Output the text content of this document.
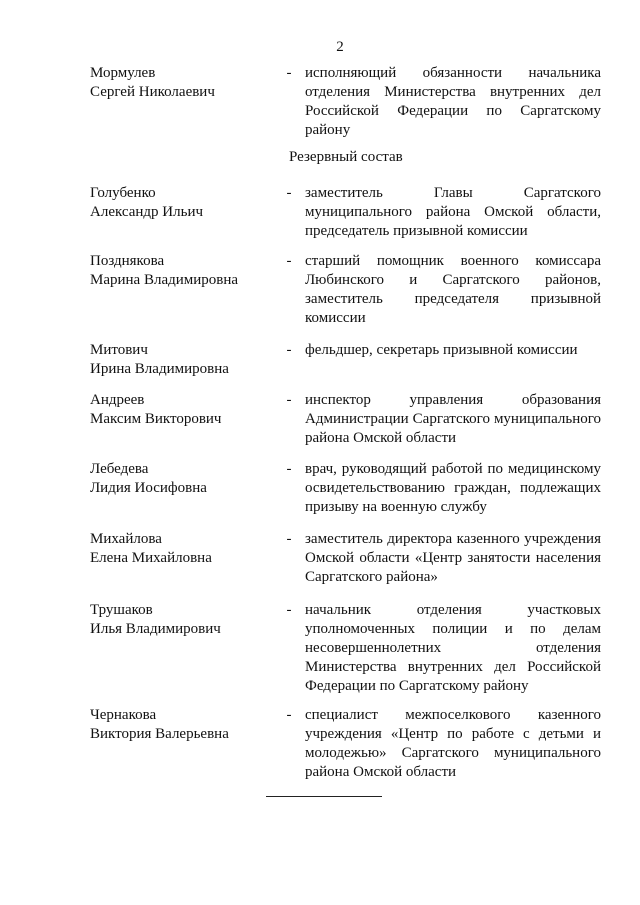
2
Мормулев
Сергей Николаевич
- исполняющий обязанности начальника отделения Министерства внутренних дел Российской Федерации по Саргатскому району
Резервный состав
Голубенко
Александр Ильич
- заместитель Главы Саргатского муниципального района Омской области, председатель призывной комиссии
Позднякова
Марина Владимировна
- старший помощник военного комиссара Любинского и Саргатского районов, заместитель председателя призывной комиссии
Митович
Ирина Владимировна
- фельдшер, секретарь призывной комиссии
Андреев
Максим Викторович
- инспектор управления образования Администрации Саргатского муниципального района Омской области
Лебедева
Лидия Иосифовна
- врач, руководящий работой по медицинскому освидетельствованию граждан, подлежащих призыву на военную службу
Михайлова
Елена Михайловна
- заместитель директора казенного учреждения Омской области «Центр занятости населения Саргатского района»
Трушаков
Илья Владимирович
- начальник отделения участковых уполномоченных полиции и по делам несовершеннолетних отделения Министерства внутренних дел Российской Федерации по Саргатскому району
Чернакова
Виктория Валерьевна
- специалист межпоселкового казенного учреждения «Центр по работе с детьми и молодежью» Саргатского муниципального района Омской области
